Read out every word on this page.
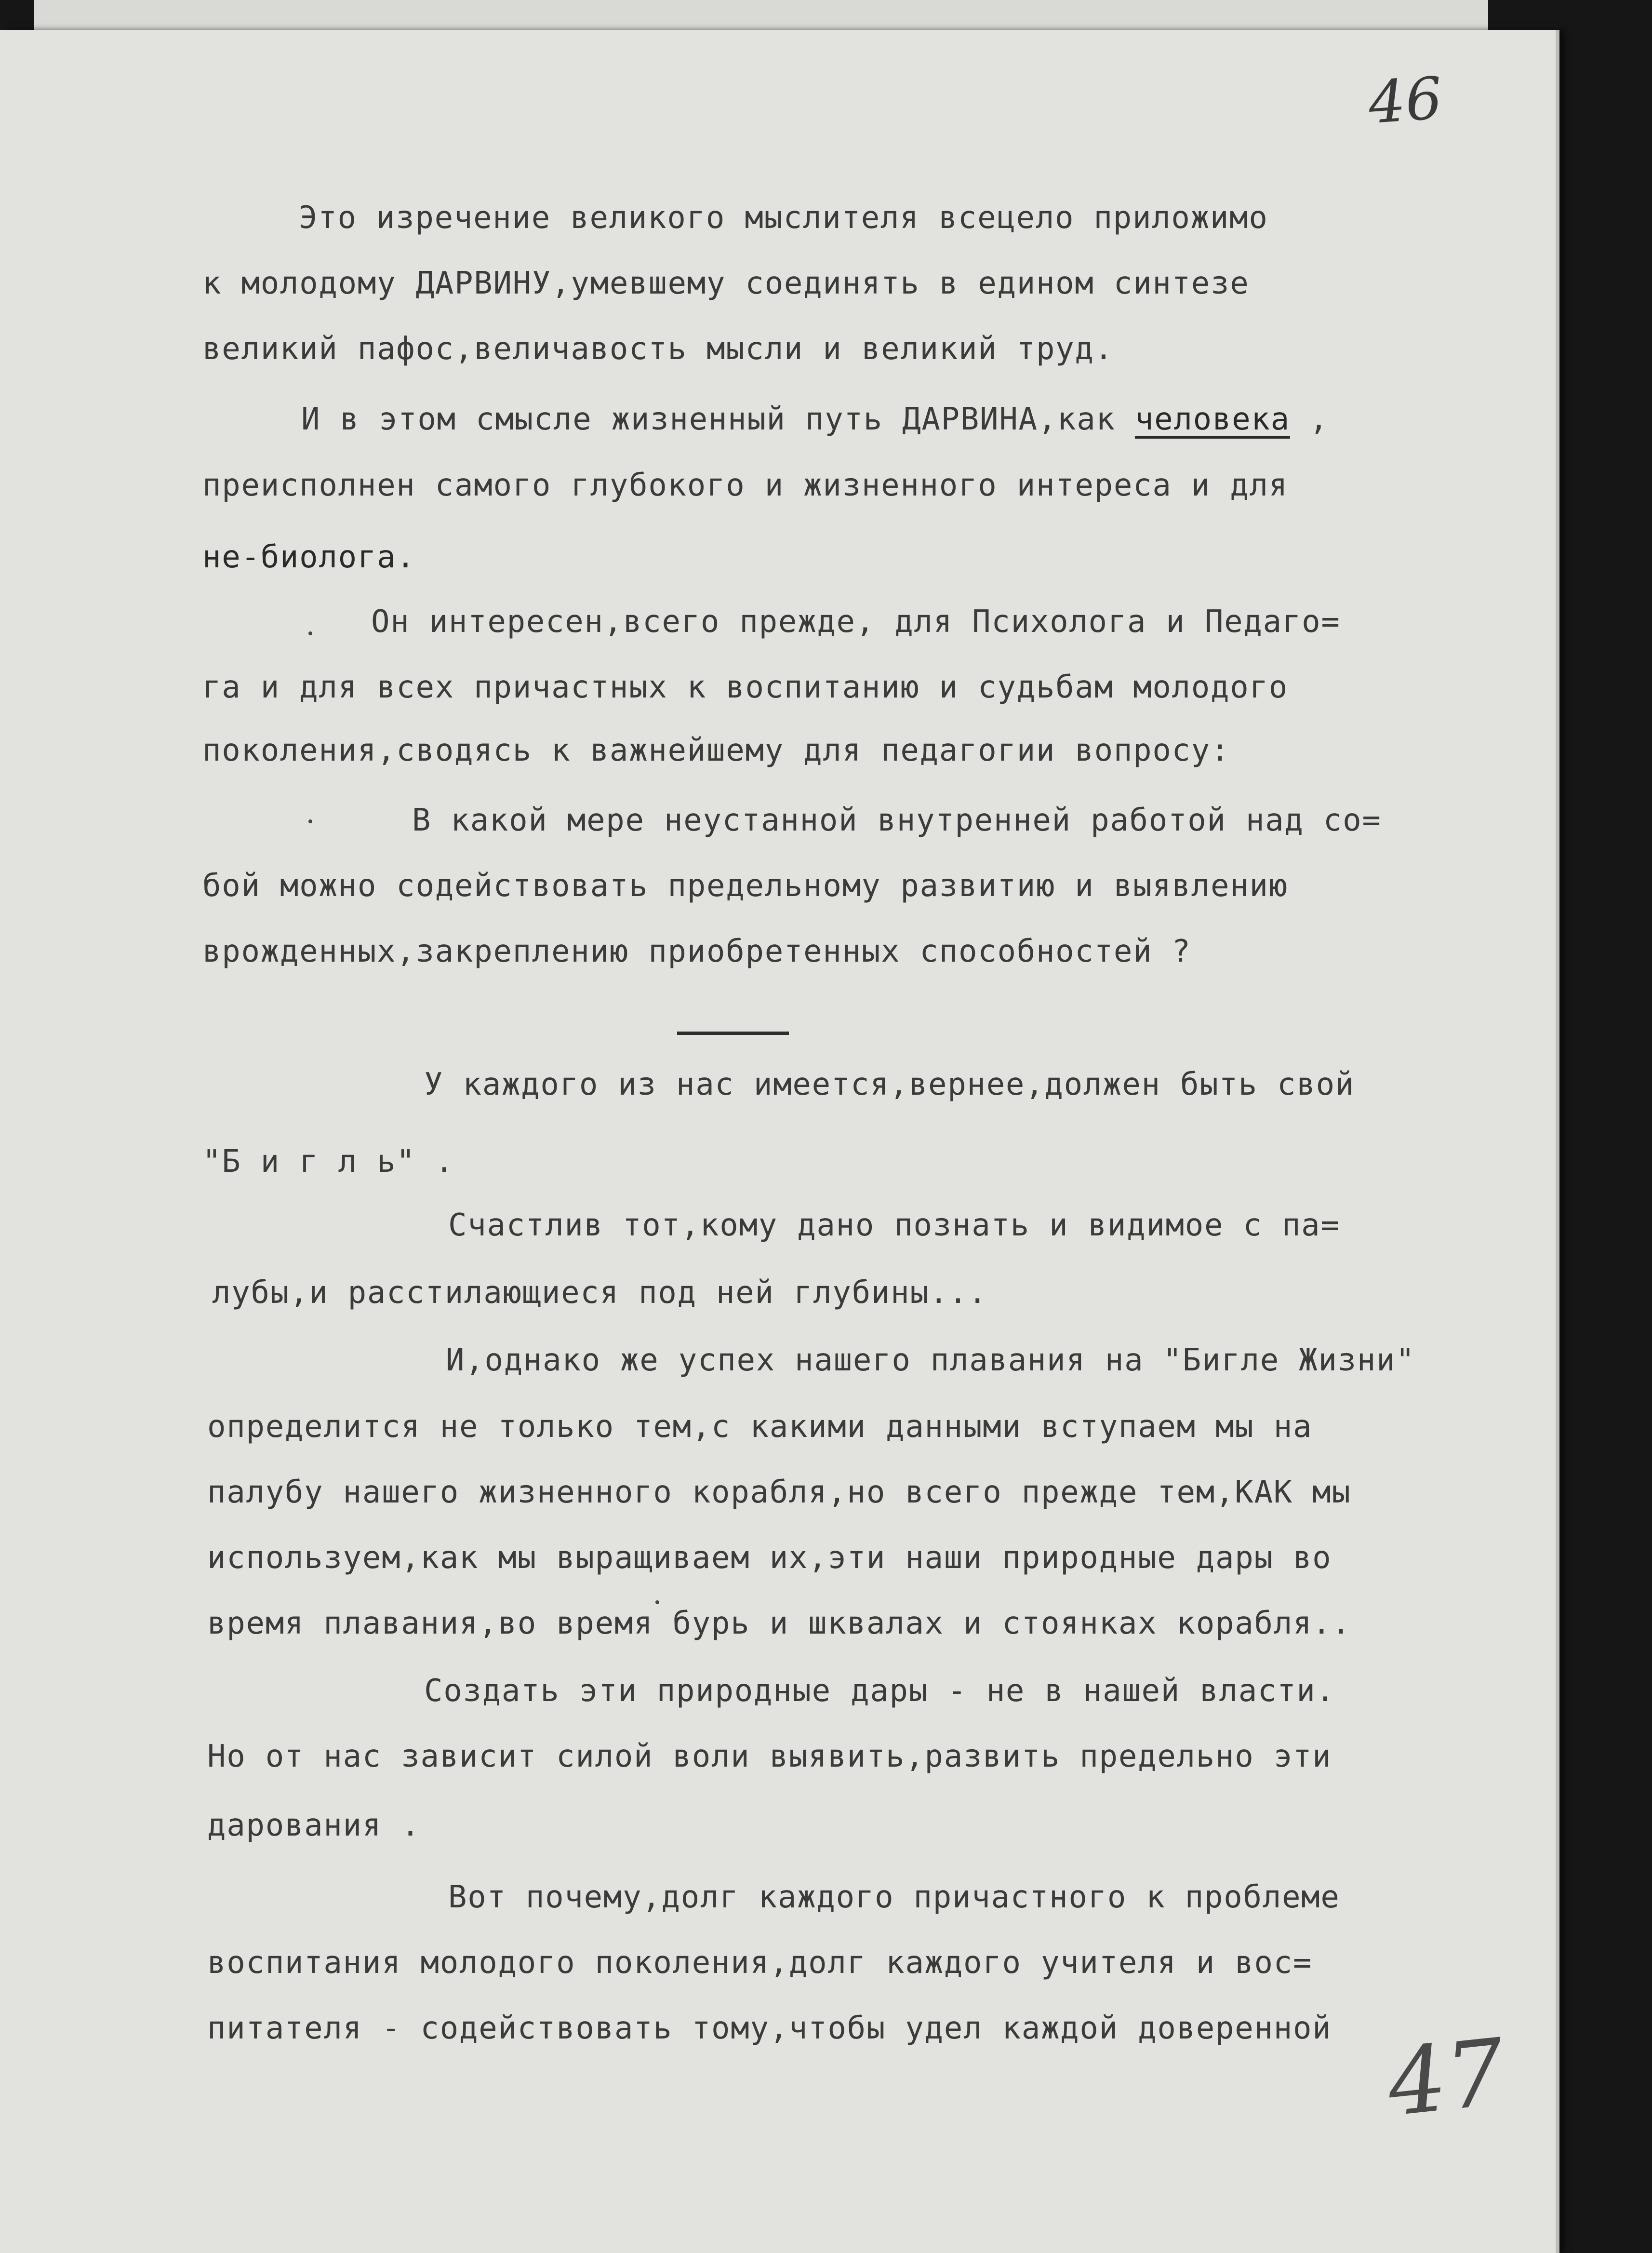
46
Это изречение великого мыслителя всецело приложимо
к молодому ДАРВИНУ,умевшему соединять в едином синтезе
великий пафос,величавость мысли и великий труд.
И в этом смысле жизненный путь ДАРВИНА,как человека ,
преисполнен самого глубокого и жизненного интереса и для
не-биолога.
Он интересен,всего прежде, для Психолога и Педаго=
га и для всех причастных к воспитанию и судьбам молодого
поколения,сводясь к важнейшему для педагогии вопросу:
В какой мере неустанной внутренней работой над со=
бой можно содействовать предельному развитию и выявлению
врожденных,закреплению приобретенных способностей ?
У каждого из нас имеется,вернее,должен быть свой
"Б и г л ь" .
Счастлив тот,кому дано познать и видимое с па=
лубы,и расстилающиеся под ней глубины...
И,однако же успех нашего плавания на "Бигле Жизни"
определится не только тем,с какими данными вступаем мы на
палубу нашего жизненного корабля,но всего прежде тем,КАК мы
используем,как мы выращиваем их,эти наши природные дары во
время плавания,во время бурь и шквалах и стоянках корабля..
Создать эти природные дары - не в нашей власти.
Но от нас зависит силой воли выявить,развить предельно эти
дарования .
Вот почему,долг каждого причастного к проблеме
воспитания молодого поколения,долг каждого учителя и вос=
питателя - содействовать тому,чтобы удел каждой доверенной 47
